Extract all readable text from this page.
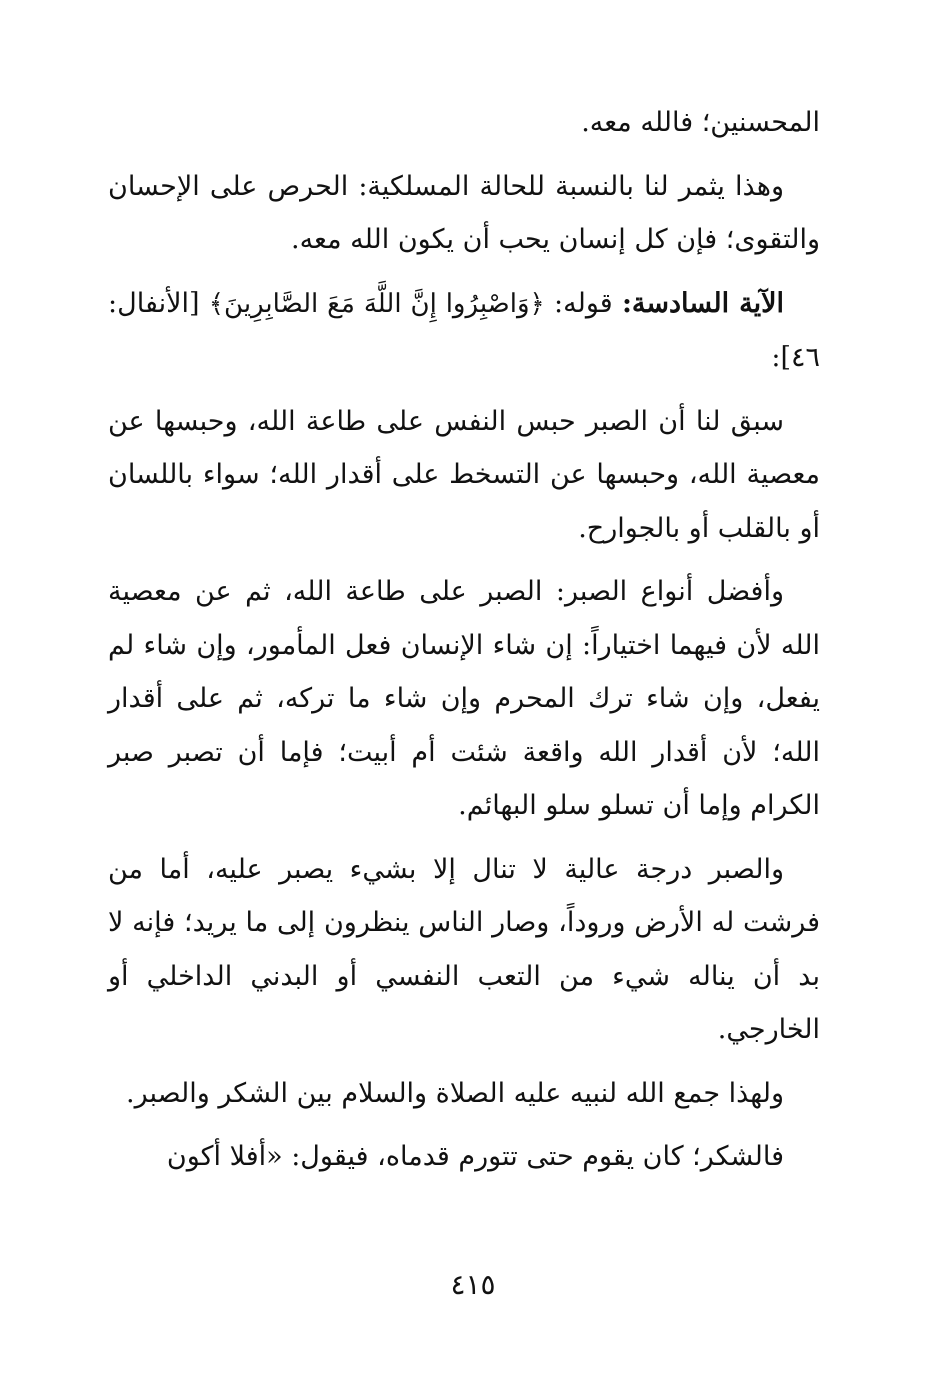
المحسنين؛ فالله معه.

وهذا يثمر لنا بالنسبة للحالة المسلكية: الحرص على الإحسان والتقوى؛ فإن كل إنسان يحب أن يكون الله معه.

الآية السادسة: قوله: ﴿وَاصْبِرُوا إِنَّ اللَّهَ مَعَ الصَّابِرِينَ﴾ [الأنفال: ٤٦]:

سبق لنا أن الصبر حبس النفس على طاعة الله، وحبسها عن معصية الله، وحبسها عن التسخط على أقدار الله؛ سواء باللسان أو بالقلب أو بالجوارح.

وأفضل أنواع الصبر: الصبر على طاعة الله، ثم عن معصية الله لأن فيهما اختياراً: إن شاء الإنسان فعل المأمور، وإن شاء لم يفعل، وإن شاء ترك المحرم وإن شاء ما تركه، ثم على أقدار الله؛ لأن أقدار الله واقعة شئت أم أبيت؛ فإما أن تصبر صبر الكرام وإما أن تسلو سلو البهائم.

والصبر درجة عالية لا تنال إلا بشيء يصبر عليه، أما من فرشت له الأرض وروداً، وصار الناس ينظرون إلى ما يريد؛ فإنه لا بد أن يناله شيء من التعب النفسي أو البدني الداخلي أو الخارجي.

ولهذا جمع الله لنبيه عليه الصلاة والسلام بين الشكر والصبر.

فالشكر؛ كان يقوم حتى تتورم قدماه، فيقول: «أفلا أكون

٤١٥
